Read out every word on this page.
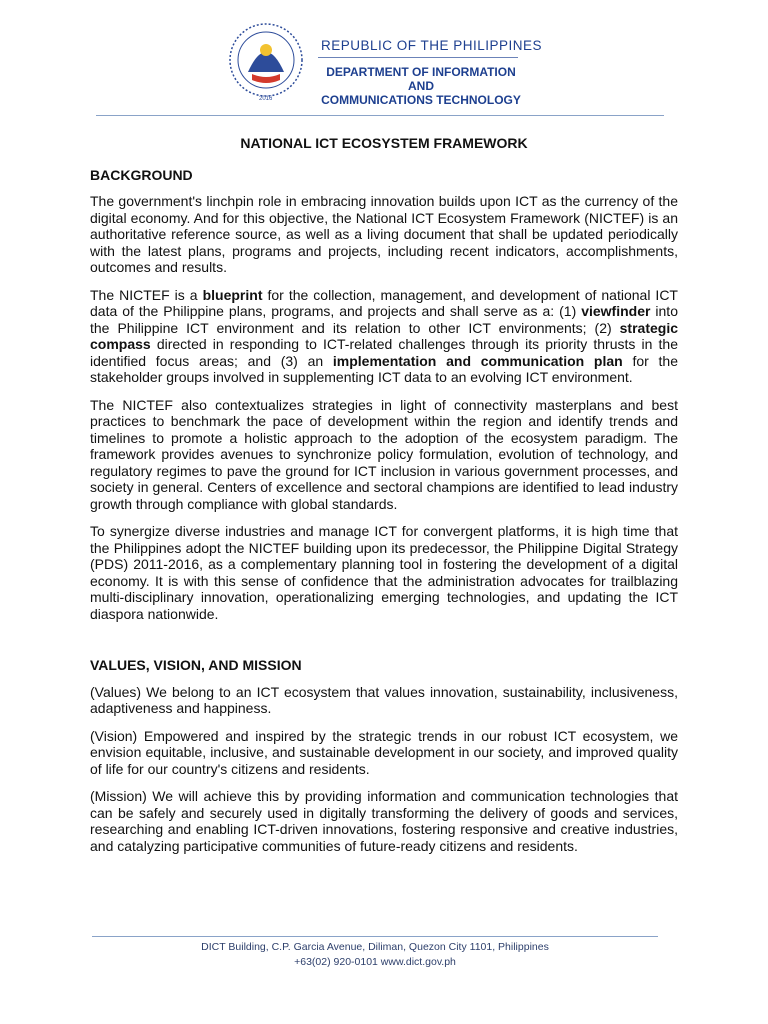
2016
REPUBLIC OF THE PHILIPPINES
DEPARTMENT OF INFORMATION AND
COMMUNICATIONS TECHNOLOGY
NATIONAL ICT ECOSYSTEM FRAMEWORK
BACKGROUND

The government's linchpin role in embracing innovation builds upon ICT as the currency of the digital economy. And for this objective, the National ICT Ecosystem Framework (NICTEF) is an authoritative reference source, as well as a living document that shall be updated periodically with the latest plans, programs and projects, including recent indicators, accomplishments, outcomes and results.

The NICTEF is a blueprint for the collection, management, and development of national ICT data of the Philippine plans, programs, and projects and shall serve as a: (1) viewfinder into the Philippine ICT environment and its relation to other ICT environments; (2) strategic compass directed in responding to ICT-related challenges through its priority thrusts in the identified focus areas; and (3) an implementation and communication plan for the stakeholder groups involved in supplementing ICT data to an evolving ICT environment.

The NICTEF also contextualizes strategies in light of connectivity masterplans and best practices to benchmark the pace of development within the region and identify trends and timelines to promote a holistic approach to the adoption of the ecosystem paradigm. The framework provides avenues to synchronize policy formulation, evolution of technology, and regulatory regimes to pave the ground for ICT inclusion in various government processes, and society in general. Centers of excellence and sectoral champions are identified to lead industry growth through compliance with global standards.

To synergize diverse industries and manage ICT for convergent platforms, it is high time that the Philippines adopt the NICTEF building upon its predecessor, the Philippine Digital Strategy (PDS) 2011-2016, as a complementary planning tool in fostering the development of a digital economy. It is with this sense of confidence that the administration advocates for trailblazing multi-disciplinary innovation, operationalizing emerging technologies, and updating the ICT diaspora nationwide.

VALUES, VISION, AND MISSION

(Values) We belong to an ICT ecosystem that values innovation, sustainability, inclusiveness, adaptiveness and happiness.

(Vision) Empowered and inspired by the strategic trends in our robust ICT ecosystem, we envision equitable, inclusive, and sustainable development in our society, and improved quality of life for our country's citizens and residents.

(Mission) We will achieve this by providing information and communication technologies that can be safely and securely used in digitally transforming the delivery of goods and services, researching and enabling ICT-driven innovations, fostering responsive and creative industries, and catalyzing participative communities of future-ready citizens and residents.

DICT Building, C.P. Garcia Avenue, Diliman, Quezon City 1101, Philippines
+63(02) 920-0101 www.dict.gov.ph
